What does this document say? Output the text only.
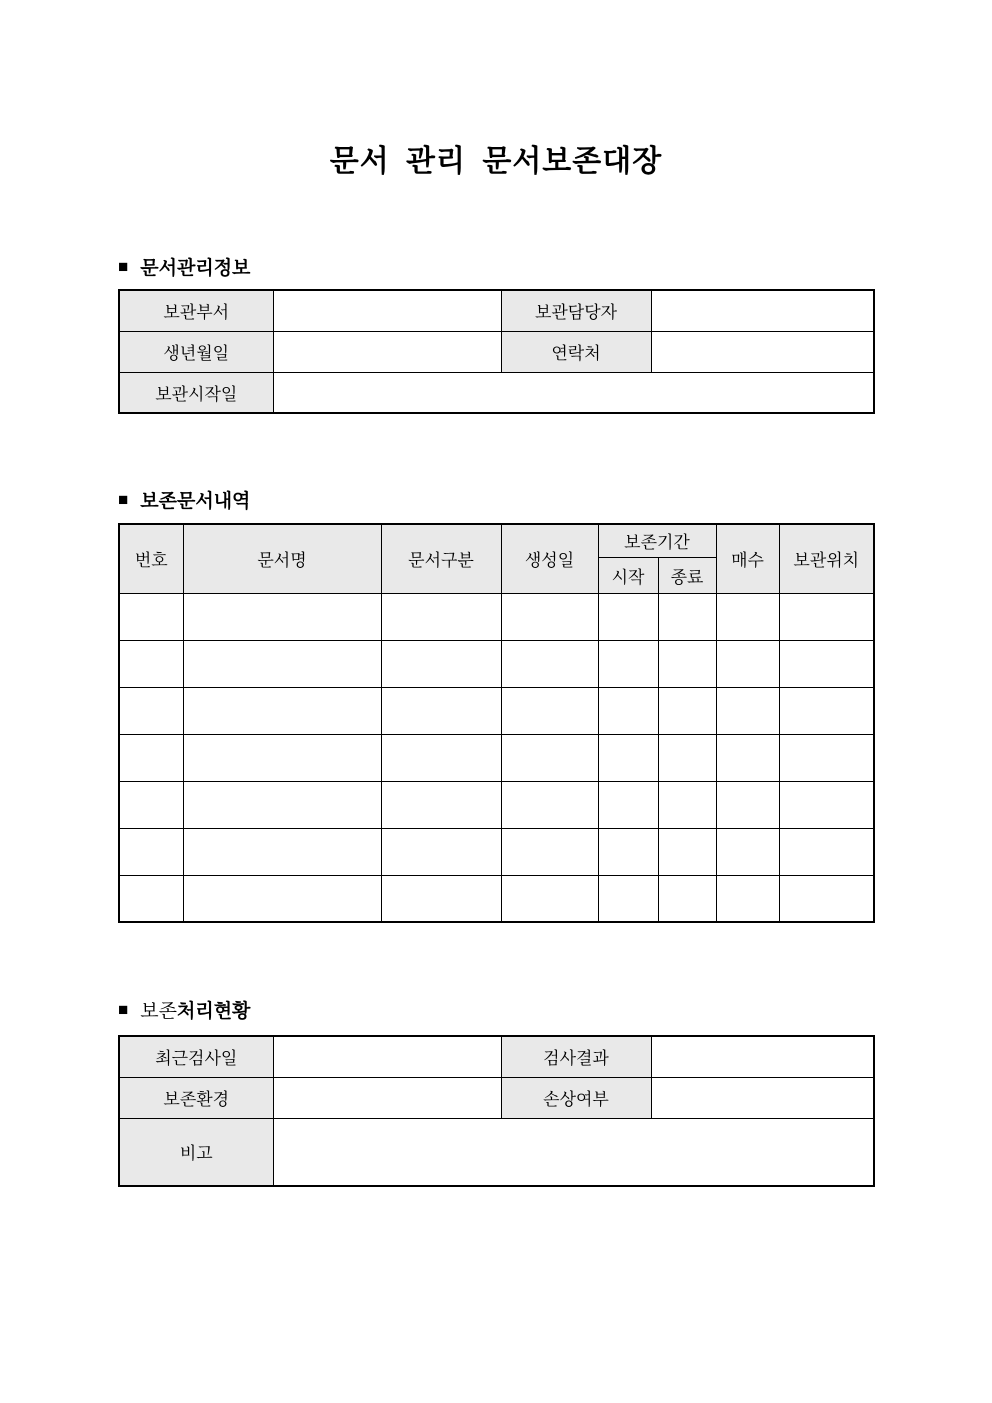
문서 관리 문서보존대장
■ 문서관리정보
보관부서		보관담당자	
생년월일		연락처	
보관시작일			
■ 보존문서내역
번호	문서명	문서구분	생성일	보존기간		매수	보관위치
				시작	종료		

■ 보존 처리현황
최근검사일		검사결과	
보존환경		손상여부	
비고			
